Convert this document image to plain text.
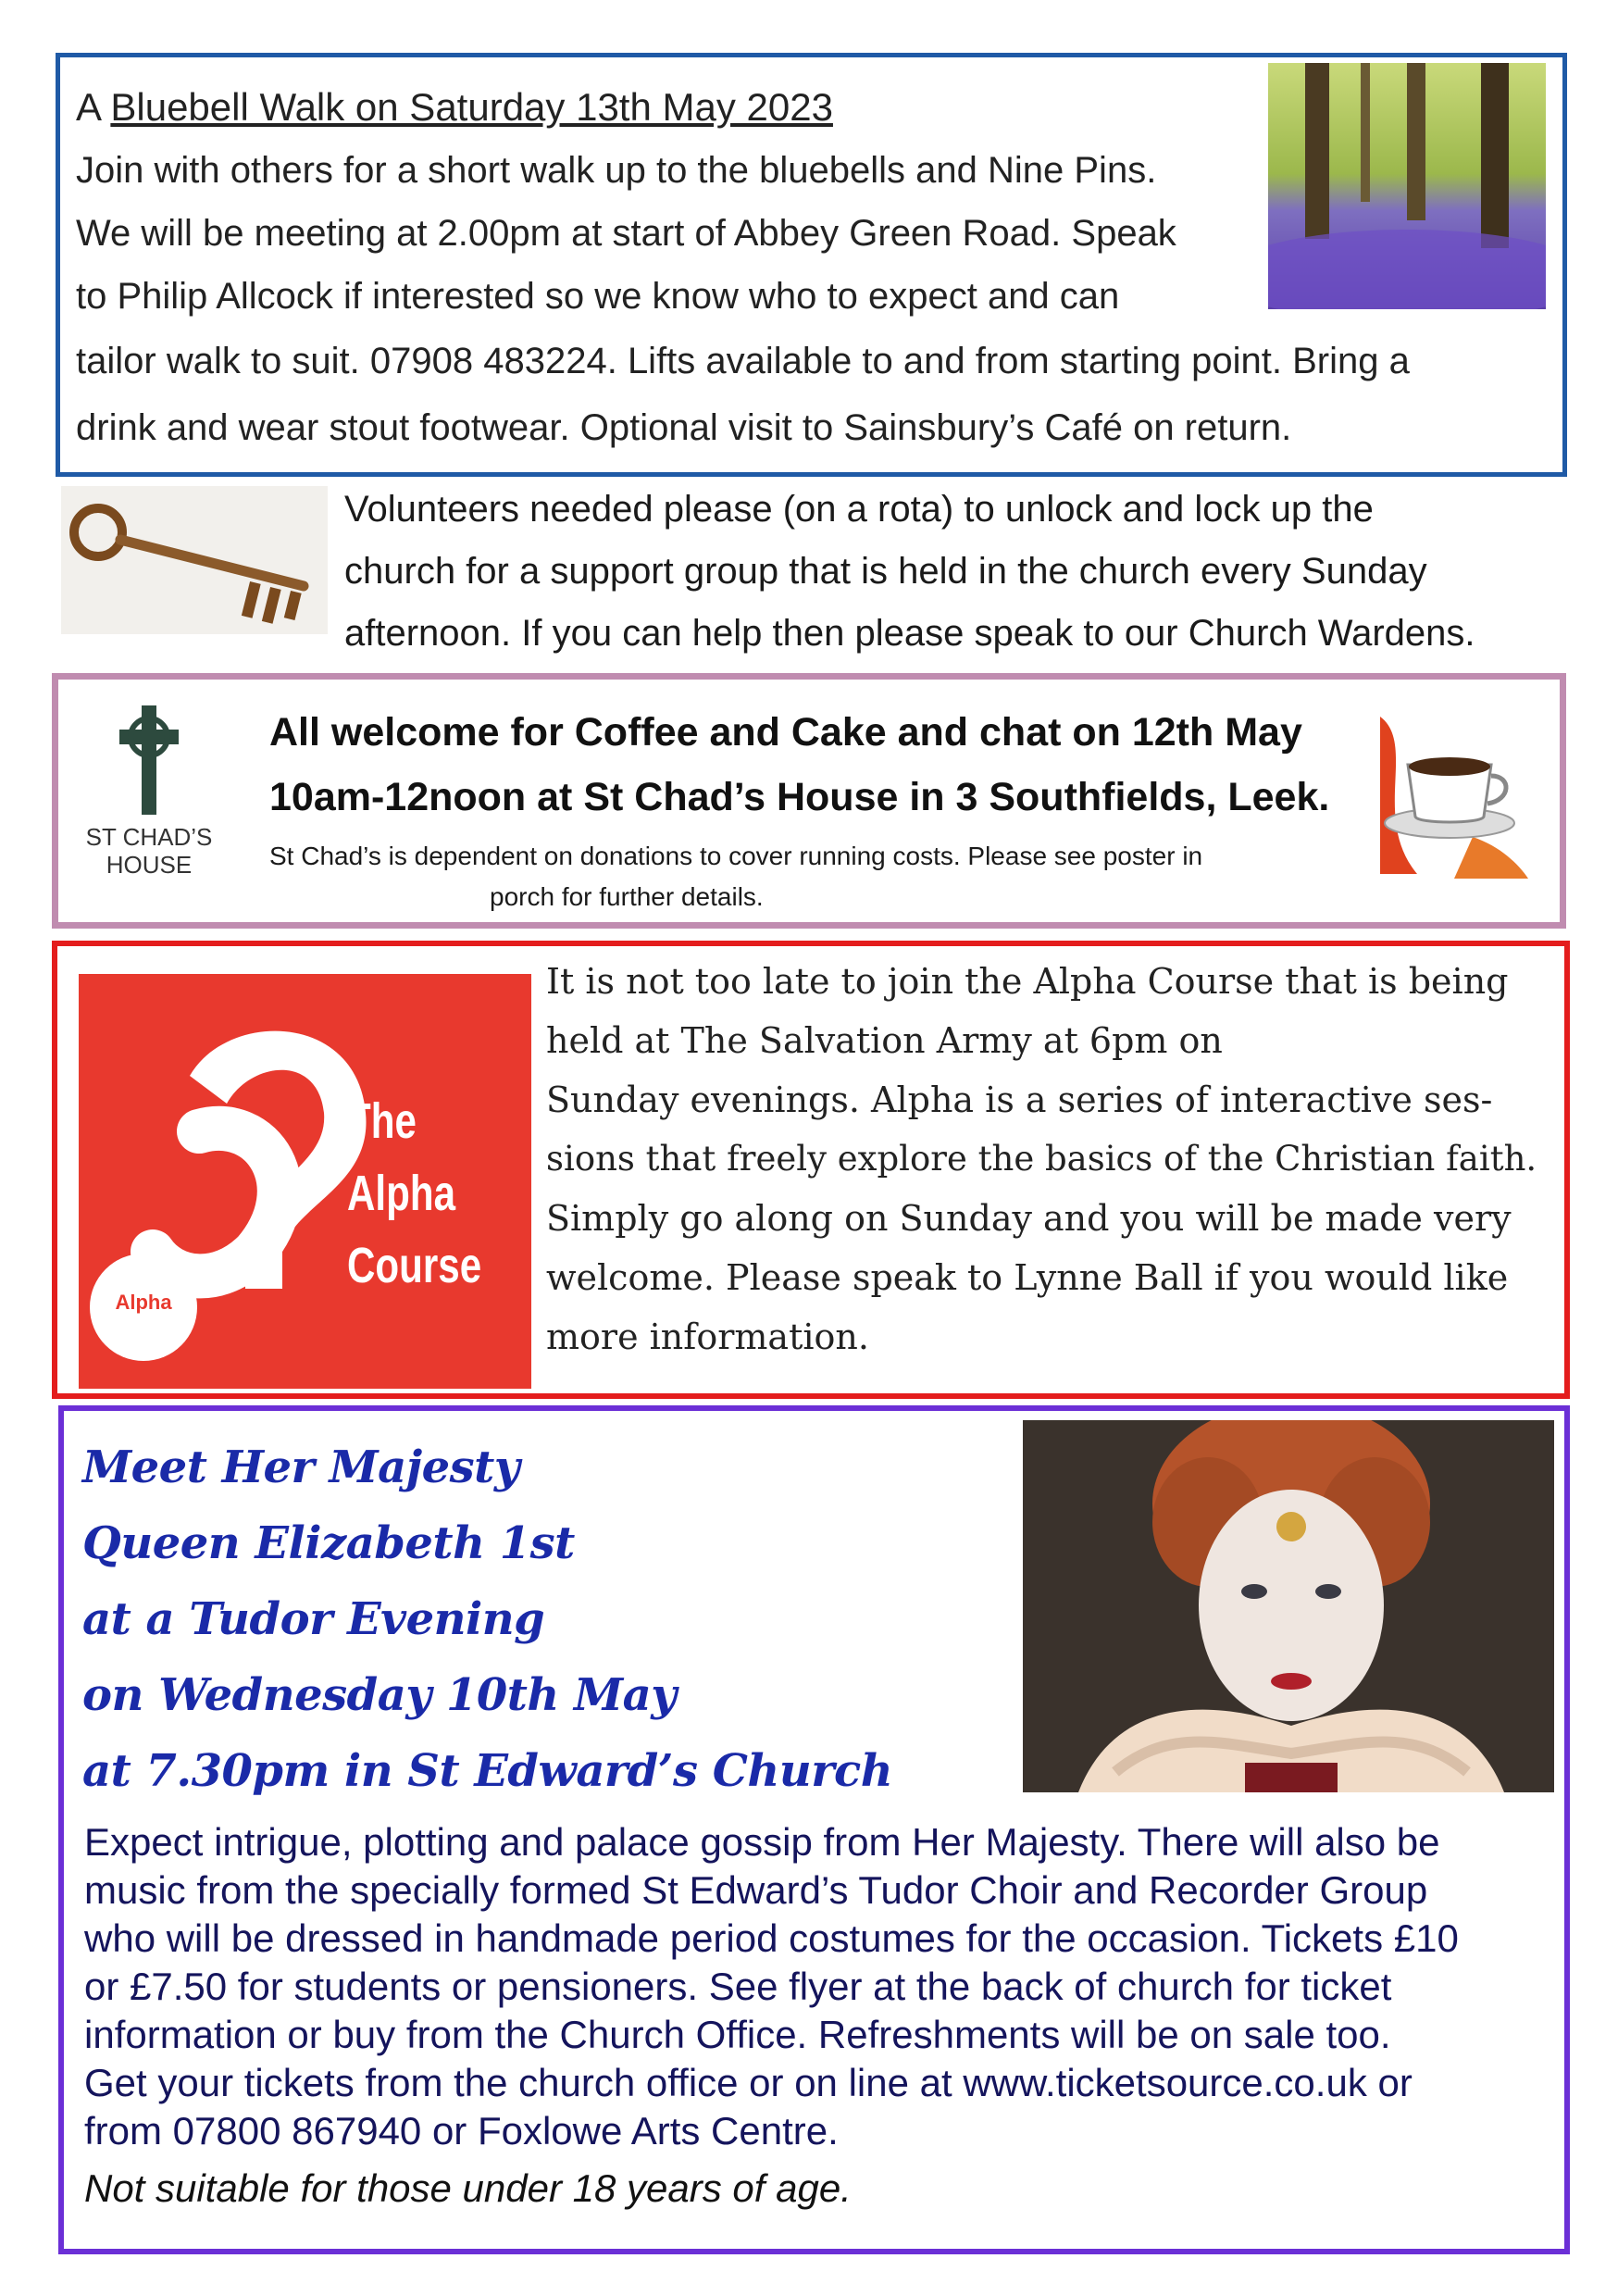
A Bluebell Walk on Saturday 13th May 2023

Join with others for a short walk up to the bluebells and Nine Pins.

We will be meeting at 2.00pm at start of Abbey Green Road. Speak

to Philip Allcock if interested so we know who to expect and can

tailor walk to suit. 07908 483224. Lifts available to and from starting point. Bring a

drink and wear stout footwear. Optional visit to Sainsbury’s Café on return.

Volunteers needed please (on a rota) to unlock and lock up the

church for a support group that is held in the church every Sunday

afternoon. If you can help then please speak to our Church Wardens.

ST CHAD’S
HOUSE

All welcome for Coffee and Cake and chat on 12th May

10am-12noon at St Chad’s House in 3 Southfields, Leek.

St Chad’s is dependent on donations to cover running costs. Please see poster in

porch for further details.

The
Alpha
Course
Alpha

It is not too late to join the Alpha Course that is being

held at The Salvation Army at 6pm on

Sunday evenings. Alpha is a series of interactive ses-

sions that freely explore the basics of the Christian faith.

Simply go along on Sunday and you will be made very

welcome. Please speak to Lynne Ball if you would like

more information.

Meet Her Majesty

Queen Elizabeth 1st

at a Tudor Evening

on Wednesday 10th May

at 7.30pm in St Edward’s Church

Expect intrigue, plotting and palace gossip from Her Majesty. There will also be

music from the specially formed St Edward’s Tudor Choir and Recorder Group

who will be dressed in handmade period costumes for the occasion. Tickets £10

or £7.50 for students or pensioners. See flyer at the back of church for ticket

information or buy from the Church Office. Refreshments will be on sale too.

Get your tickets from the church office or on line at www.ticketsource.co.uk or

from 07800 867940 or Foxlowe Arts Centre.

Not suitable for those under 18 years of age.
